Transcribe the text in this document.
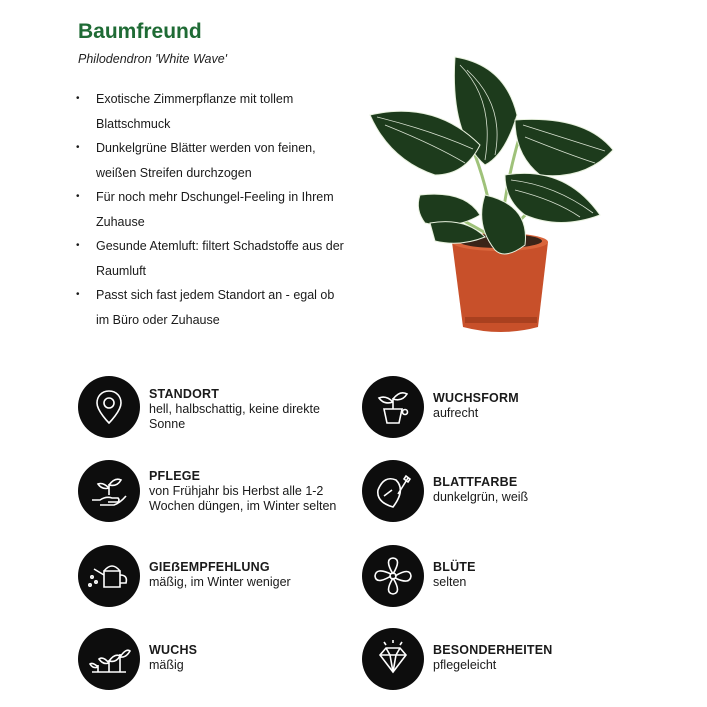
Baumfreund
Philodendron 'White Wave'
• Exotische Zimmerpflanze mit tollem Blattschmuck
• Dunkelgrüne Blätter werden von feinen, weißen Streifen durchzogen
• Für noch mehr Dschungel-Feeling in Ihrem Zuhause
• Gesunde Atemluft: filtert Schadstoffe aus der Raumluft
• Passt sich fast jedem Standort an - egal ob im Büro oder Zuhause
STANDORT
hell, halbschattig, keine direkte Sonne
WUCHSFORM
aufrecht
PFLEGE
von Frühjahr bis Herbst alle 1-2 Wochen düngen, im Winter selten
BLATTFARBE
dunkelgrün, weiß
GIEẞEMPFEHLUNG
mäßig, im Winter weniger
BLÜTE
selten
WUCHS
mäßig
BESONDERHEITEN
pflegeleicht
